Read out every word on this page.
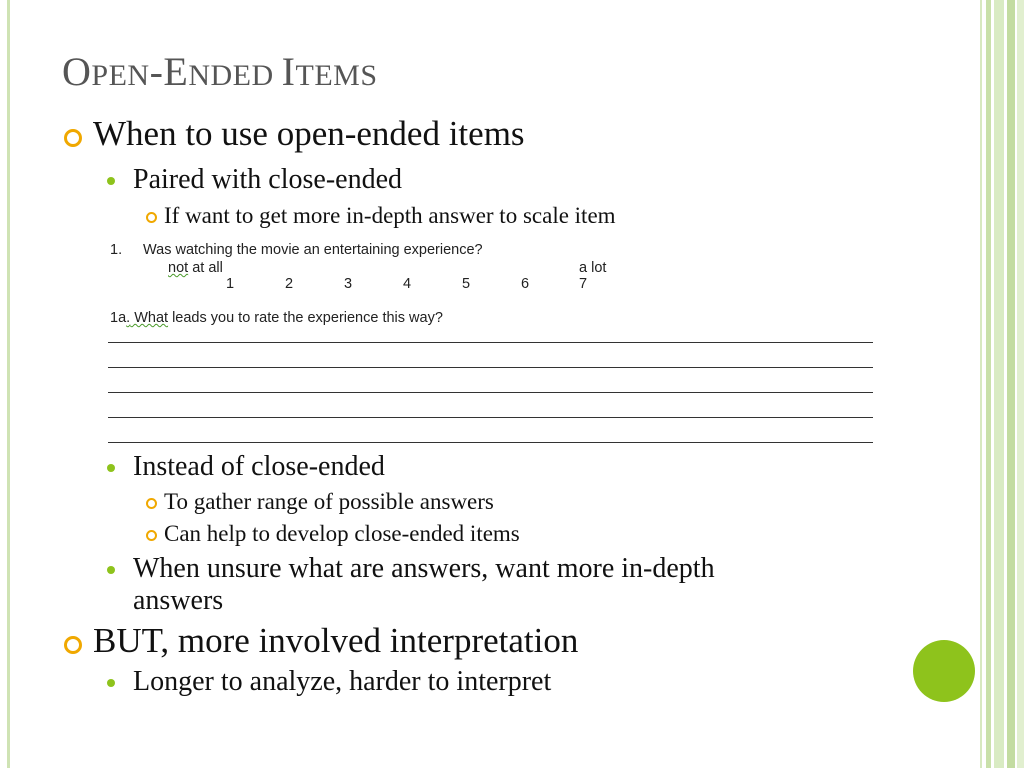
OPEN-ENDED ITEMS
When to use open-ended items
Paired with close-ended
If want to get more in-depth answer to scale item
1. Was watching the movie an entertaining experience?
not at all	a lot
1	2	3	4	5	6	7
1a. What leads you to rate the experience this way?
Instead of close-ended
To gather range of possible answers
Can help to develop close-ended items
When unsure what are answers, want more in-depth
answers
BUT, more involved interpretation
Longer to analyze, harder to interpret
